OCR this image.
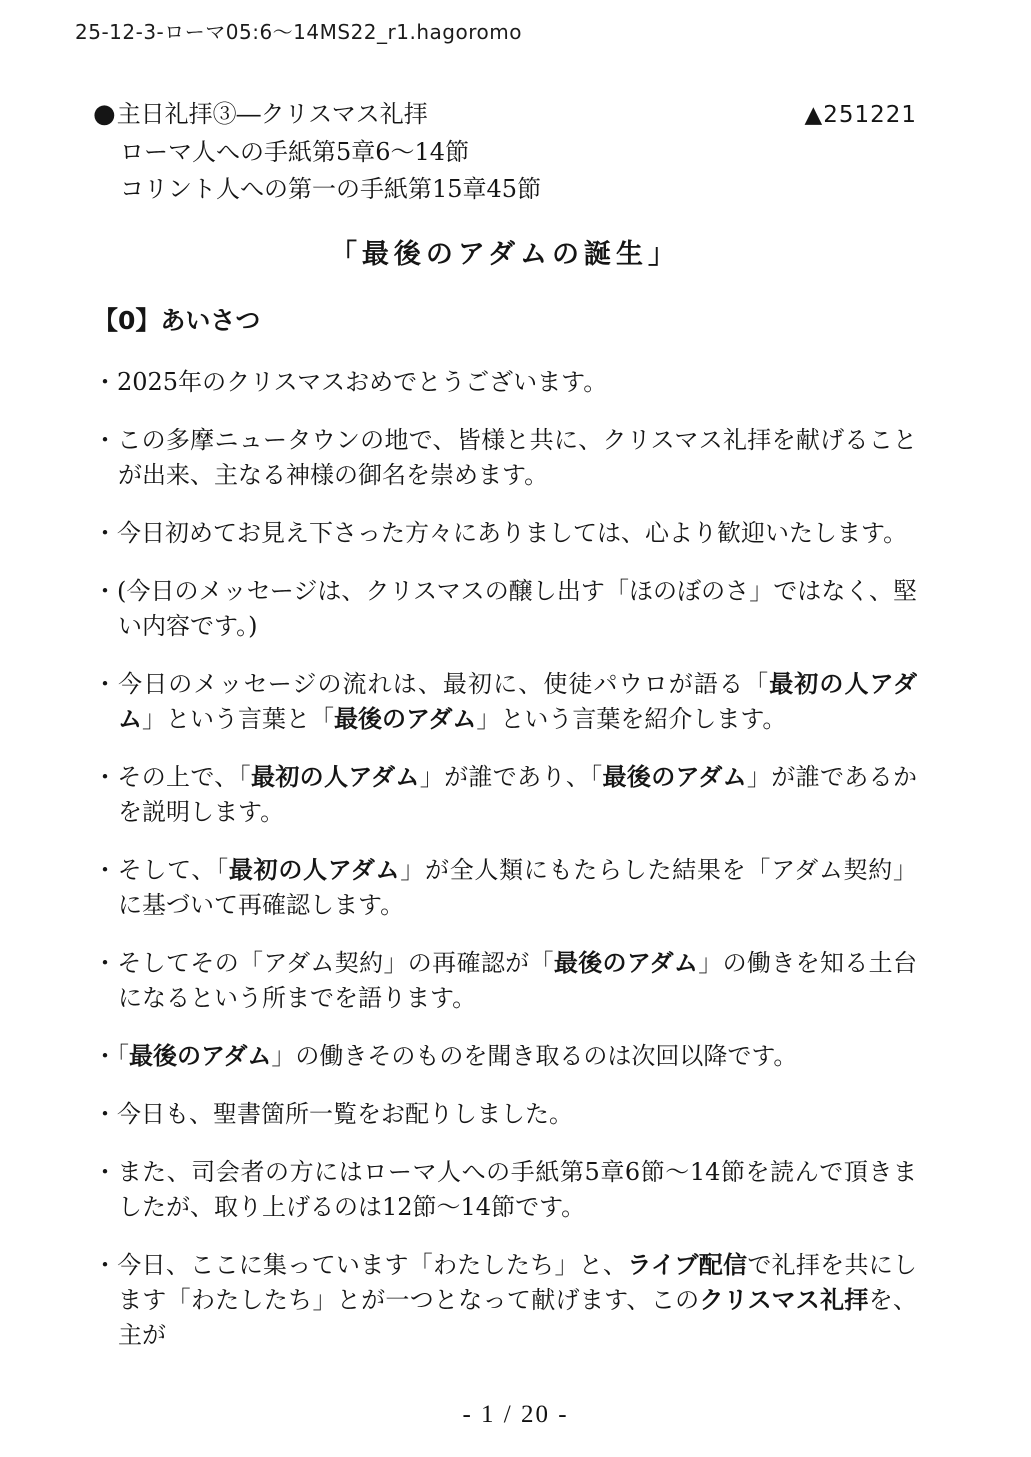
25-12-3-ローマ05:6〜14MS22_r1.hagoromo
●主日礼拝③―クリスマス礼拝	▲251221
ローマ人への手紙第5章6〜14節
コリント人への第一の手紙第15章45節
「最後のアダムの誕生」
【0】あいさつ
・2025年のクリスマスおめでとうございます。
・この多摩ニュータウンの地で、皆様と共に、クリスマス礼拝を献げることが出来、主なる神様の御名を崇めます。
・今日初めてお見え下さった方々にありましては、心より歓迎いたします。
・(今日のメッセージは、クリスマスの醸し出す「ほのぼのさ」ではなく、堅い内容です。)
・今日のメッセージの流れは、最初に、使徒パウロが語る「最初の人アダム」という言葉と「最後のアダム」という言葉を紹介します。
・その上で、「最初の人アダム」が誰であり、「最後のアダム」が誰であるかを説明します。
・そして、「最初の人アダム」が全人類にもたらした結果を「アダム契約」に基づいて再確認します。
・そしてその「アダム契約」の再確認が「最後のアダム」の働きを知る土台になるという所までを語ります。
・「最後のアダム」の働きそのものを聞き取るのは次回以降です。
・今日も、聖書箇所一覧をお配りしました。
・また、司会者の方にはローマ人への手紙第5章6節〜14節を読んで頂きましたが、取り上げるのは12節〜14節です。
・今日、ここに集っています「わたしたち」と、ライブ配信で礼拝を共にします「わたしたち」とが一つとなって献げます、このクリスマス礼拝を、主が
- 1 / 20 -
